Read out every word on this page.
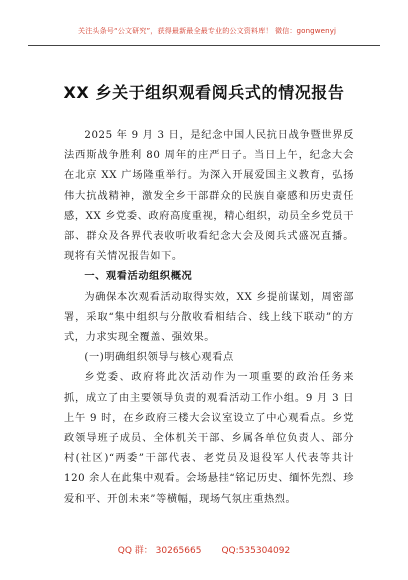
关注头条号“公文研究”，获得最新最全最专业的公文资料库！ 微信：gongwenyj
XX 乡关于组织观看阅兵式的情况报告

2025 年 9 月 3 日，是纪念中国人民抗日战争暨世界反法西斯战争胜利 80 周年的庄严日子。当日上午，纪念大会在北京 XX 广场隆重举行。为深入开展爱国主义教育，弘扬伟大抗战精神，激发全乡干部群众的民族自豪感和历史责任感，XX 乡党委、政府高度重视，精心组织，动员全乡党员干部、群众及各界代表收听收看纪念大会及阅兵式盛况直播。现将有关情况报告如下。

一、观看活动组织概况

为确保本次观看活动取得实效，XX 乡提前谋划，周密部署，采取“集中组织与分散收看相结合、线上线下联动”的方式，力求实现全覆盖、强效果。

(一)明确组织领导与核心观看点

乡党委、政府将此次活动作为一项重要的政治任务来抓，成立了由主要领导负责的观看活动工作小组。9 月 3 日上午 9 时，在乡政府三楼大会议室设立了中心观看点。乡党政领导班子成员、全体机关干部、乡属各单位负责人、部分村(社区)“两委”干部代表、老党员及退役军人代表等共计 120 余人在此集中观看。会场悬挂“铭记历史、缅怀先烈、珍爱和平、开创未来”等横幅，现场气氛庄重热烈。

QQ 群： 30265665 QQ:535304092
